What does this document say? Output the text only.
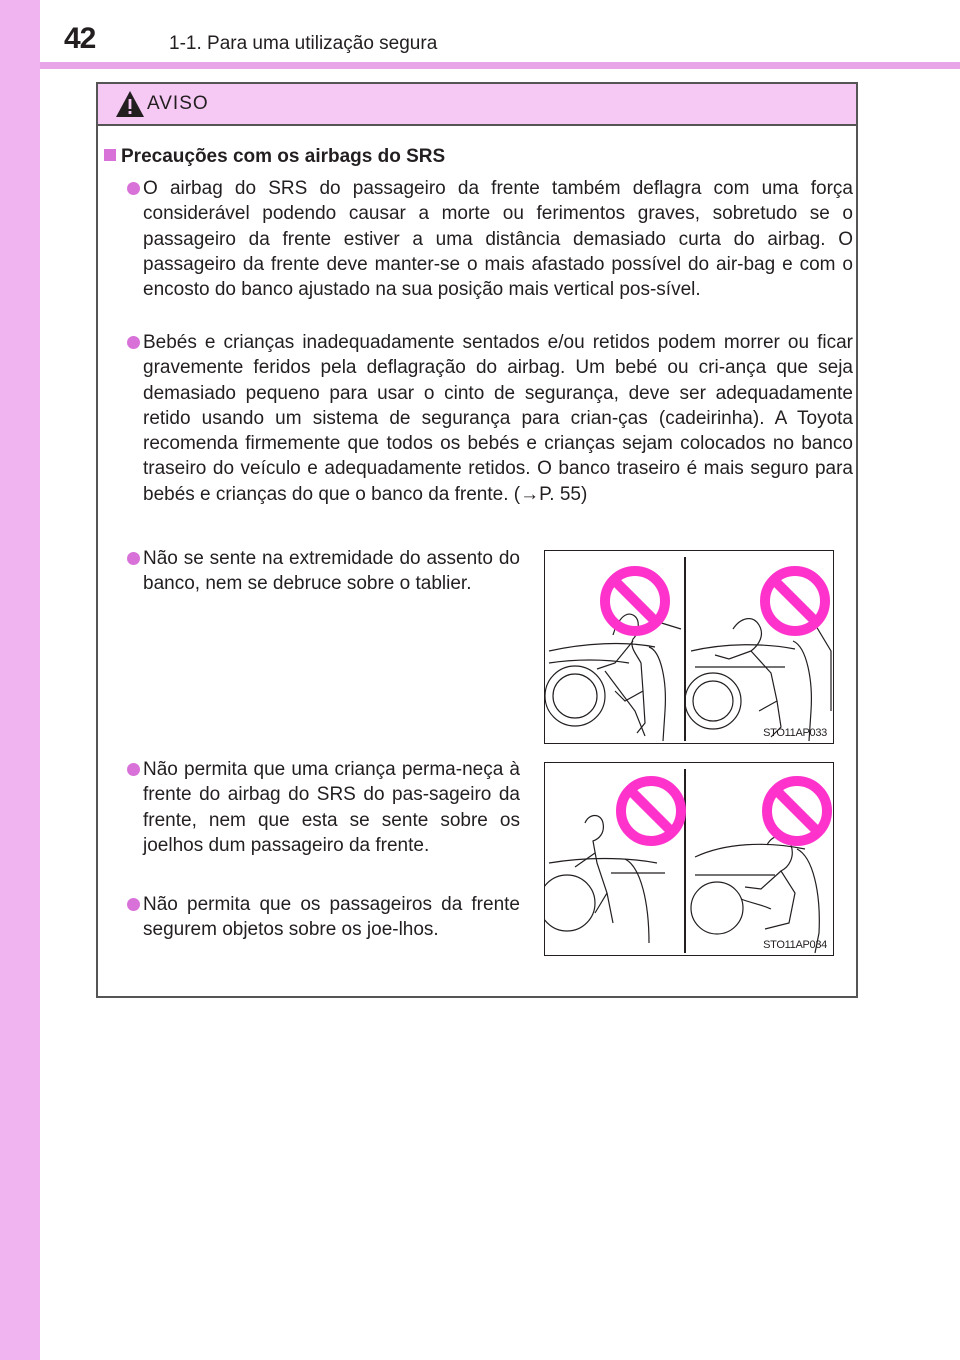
42	1-1. Para uma utilização segura
AVISO
Precauções com os airbags do SRS
O airbag do SRS do passageiro da frente também deflagra com uma força considerável podendo causar a morte ou ferimentos graves, sobretudo se o passageiro da frente estiver a uma distância demasiado curta do airbag. O passageiro da frente deve manter-se o mais afastado possível do air-bag e com o encosto do banco ajustado na sua posição mais vertical pos-sível.
Bebés e crianças inadequadamente sentados e/ou retidos podem morrer ou ficar gravemente feridos pela deflagração do airbag. Um bebé ou cri-ança que seja demasiado pequeno para usar o cinto de segurança, deve ser adequadamente retido usando um sistema de segurança para crian-ças (cadeirinha). A Toyota recomenda firmemente que todos os bebés e crianças sejam colocados no banco traseiro do veículo e adequadamente retidos. O banco traseiro é mais seguro para bebés e crianças do que o banco da frente. (→P. 55)
Não se sente na extremidade do assento do banco, nem se debruce sobre o tablier.
Não permita que uma criança perma-neça à frente do airbag do SRS do pas-sageiro da frente, nem que esta se sente sobre os joelhos dum passageiro da frente.
Não permita que os passageiros da frente segurem objetos sobre os joe-lhos.
STO11AP033
STO11AP034
